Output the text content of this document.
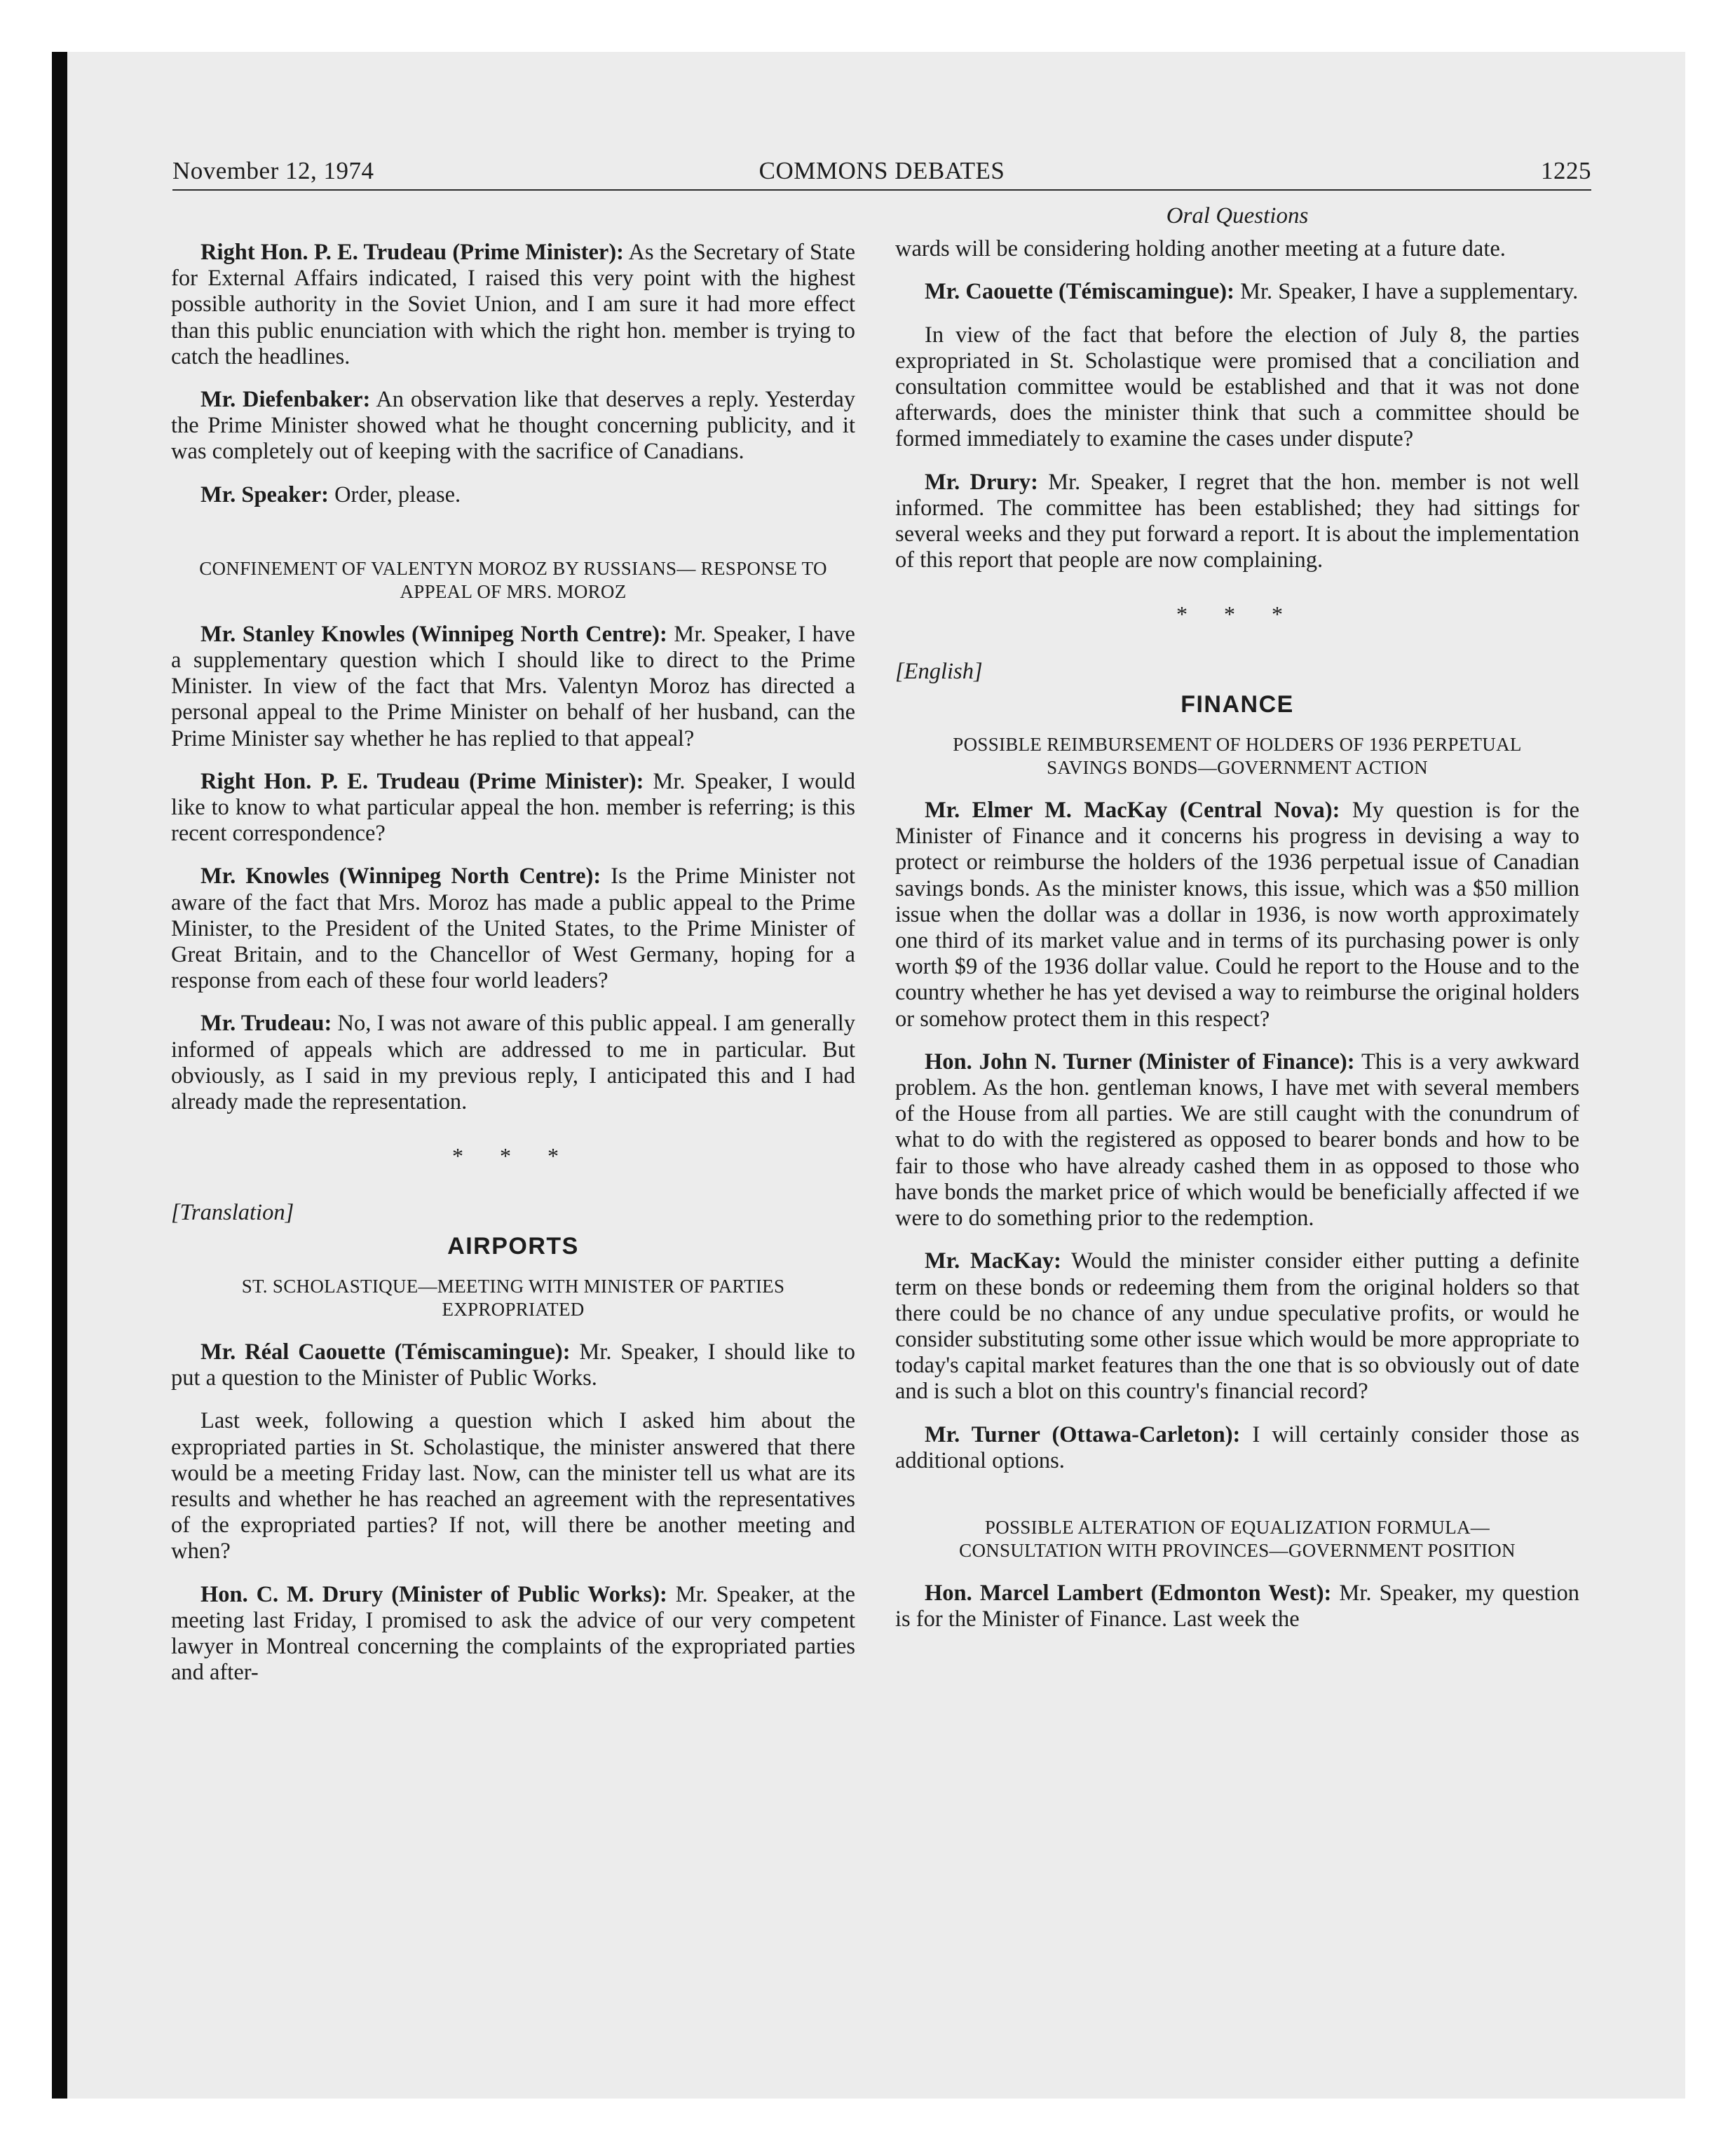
COMMONS DEBATES
November 12, 1974	1225

Right Hon. P. E. Trudeau (Prime Minister): As the Secretary of State for External Affairs indicated, I raised this very point with the highest possible authority in the Soviet Union, and I am sure it had more effect than this public enunciation with which the right hon. member is trying to catch the headlines.

Mr. Diefenbaker: An observation like that deserves a reply. Yesterday the Prime Minister showed what he thought concerning publicity, and it was completely out of keeping with the sacrifice of Canadians.

Mr. Speaker: Order, please.

CONFINEMENT OF VALENTYN MOROZ BY RUSSIANS— RESPONSE TO APPEAL OF MRS. MOROZ

Mr. Stanley Knowles (Winnipeg North Centre): Mr. Speaker, I have a supplementary question which I should like to direct to the Prime Minister. In view of the fact that Mrs. Valentyn Moroz has directed a personal appeal to the Prime Minister on behalf of her husband, can the Prime Minister say whether he has replied to that appeal?

Right Hon. P. E. Trudeau (Prime Minister): Mr. Speaker, I would like to know to what particular appeal the hon. member is referring; is this recent correspondence?

Mr. Knowles (Winnipeg North Centre): Is the Prime Minister not aware of the fact that Mrs. Moroz has made a public appeal to the Prime Minister, to the President of the United States, to the Prime Minister of Great Britain, and to the Chancellor of West Germany, hoping for a response from each of these four world leaders?

Mr. Trudeau: No, I was not aware of this public appeal. I am generally informed of appeals which are addressed to me in particular. But obviously, as I said in my previous reply, I anticipated this and I had already made the representation.

* * *
[Translation]
AIRPORTS
ST. SCHOLASTIQUE—MEETING WITH MINISTER OF PARTIES EXPROPRIATED

Mr. Réal Caouette (Témiscamingue): Mr. Speaker, I should like to put a question to the Minister of Public Works.

Last week, following a question which I asked him about the expropriated parties in St. Scholastique, the minister answered that there would be a meeting Friday last. Now, can the minister tell us what are its results and whether he has reached an agreement with the representatives of the expropriated parties? If not, will there be another meeting and when?

Hon. C. M. Drury (Minister of Public Works): Mr. Speaker, at the meeting last Friday, I promised to ask the advice of our very competent lawyer in Montreal concerning the complaints of the expropriated parties and after-

Oral Questions

wards will be considering holding another meeting at a future date.

Mr. Caouette (Témiscamingue): Mr. Speaker, I have a supplementary.

In view of the fact that before the election of July 8, the parties expropriated in St. Scholastique were promised that a conciliation and consultation committee would be established and that it was not done afterwards, does the minister think that such a committee should be formed immediately to examine the cases under dispute?

Mr. Drury: Mr. Speaker, I regret that the hon. member is not well informed. The committee has been established; they had sittings for several weeks and they put forward a report. It is about the implementation of this report that people are now complaining.

* * *
[English]
FINANCE
POSSIBLE REIMBURSEMENT OF HOLDERS OF 1936 PERPETUAL SAVINGS BONDS—GOVERNMENT ACTION

Mr. Elmer M. MacKay (Central Nova): My question is for the Minister of Finance and it concerns his progress in devising a way to protect or reimburse the holders of the 1936 perpetual issue of Canadian savings bonds. As the minister knows, this issue, which was a $50 million issue when the dollar was a dollar in 1936, is now worth approximately one third of its market value and in terms of its purchasing power is only worth $9 of the 1936 dollar value. Could he report to the House and to the country whether he has yet devised a way to reimburse the original holders or somehow protect them in this respect?

Hon. John N. Turner (Minister of Finance): This is a very awkward problem. As the hon. gentleman knows, I have met with several members of the House from all parties. We are still caught with the conundrum of what to do with the registered as opposed to bearer bonds and how to be fair to those who have already cashed them in as opposed to those who have bonds the market price of which would be beneficially affected if we were to do something prior to the redemption.

Mr. MacKay: Would the minister consider either putting a definite term on these bonds or redeeming them from the original holders so that there could be no chance of any undue speculative profits, or would he consider substituting some other issue which would be more appropriate to today's capital market features than the one that is so obviously out of date and is such a blot on this country's financial record?

Mr. Turner (Ottawa-Carleton): I will certainly consider those as additional options.

POSSIBLE ALTERATION OF EQUALIZATION FORMULA— CONSULTATION WITH PROVINCES—GOVERNMENT POSITION

Hon. Marcel Lambert (Edmonton West): Mr. Speaker, my question is for the Minister of Finance. Last week the
